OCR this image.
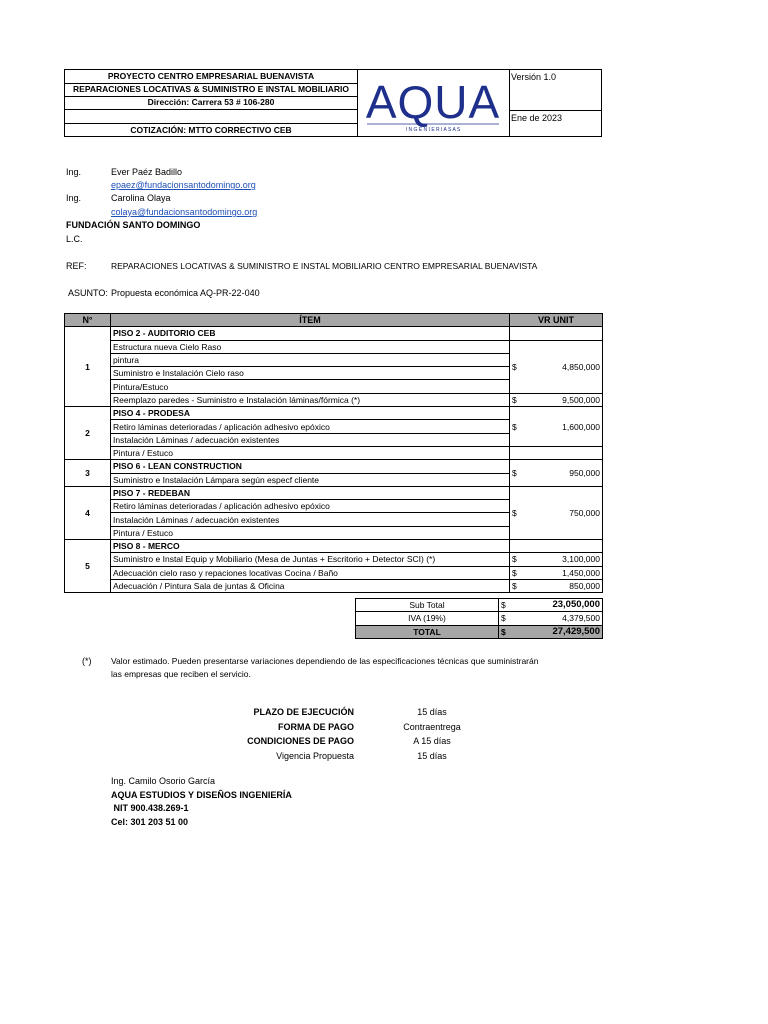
PROYECTO CENTRO EMPRESARIAL BUENAVISTA
REPARACIONES LOCATIVAS & SUMINISTRO E INSTAL MOBILIARIO
Dirección: Carrera 53 # 106-280
COTIZACIÓN: MTTO CORRECTIVO CEB
AQUA
I N G E N I E R I A S A S
Versión 1.0
Ene de 2023
Ing.	Ever Paéz Badillo
epaez@fundacionsantodomingo.org
Ing.	Carolina Olaya
colaya@fundacionsantodomingo.org
FUNDACIÓN SANTO DOMINGO
L.C.
REF:	REPARACIONES LOCATIVAS & SUMINISTRO E INSTAL MOBILIARIO CENTRO EMPRESARIAL BUENAVISTA
ASUNTO: Propuesta económica AQ-PR-22-040
N°	ÍTEM	VR UNIT	
1	PISO 2 - AUDITORIO CEB		
	Estructura nueva Cielo Raso	$	4,850,000
	pintura		
	Suministro e Instalación Cielo raso		
	Pintura/Estuco		
	Reemplazo paredes - Suministro e Instalación láminas/fórmica (*)	$	9,500,000
2	PISO 4 - PRODESA	$	1,600,000
	Retiro láminas deterioradas / aplicación adhesivo epóxico		
	Instalación Láminas / adecuación existentes		
	Pintura / Estuco		
3	PISO 6 - LEAN CONSTRUCTION	$	950,000
	Suministro e Instalación Lámpara según especf cliente		
4	PISO 7 - REDEBAN	$	750,000
	Retiro láminas deterioradas / aplicación adhesivo epóxico		
	Instalación Láminas / adecuación existentes		
	Pintura / Estuco		
5	PISO 8 - MERCO		
	Suministro e Instal Equip y Mobiliario (Mesa de Juntas + Escritorio + Detector SCI) (*)	$	3,100,000
	Adecuación cielo raso y repaciones locativas Cocina / Baño	$	1,450,000
	Adecuación / Pintura Sala de juntas & Oficina	$	850,000
Sub Total	$	23,050,000
IVA (19%)	$	4,379,500
TOTAL	$	27,429,500
(*) Valor estimado. Pueden presentarse variaciones dependiendo de las especificaciones técnicas que suministrarán
las empresas que reciben el servicio.
PLAZO DE EJECUCIÓN	15 días
FORMA DE PAGO	Contraentrega
CONDICIONES DE PAGO	A 15 días
Vigencia Propuesta	15 días
Ing. Camilo Osorio García
AQUA ESTUDIOS Y DISEÑOS INGENIERÍA
NIT 900.438.269-1
Cel: 301 203 51 00
